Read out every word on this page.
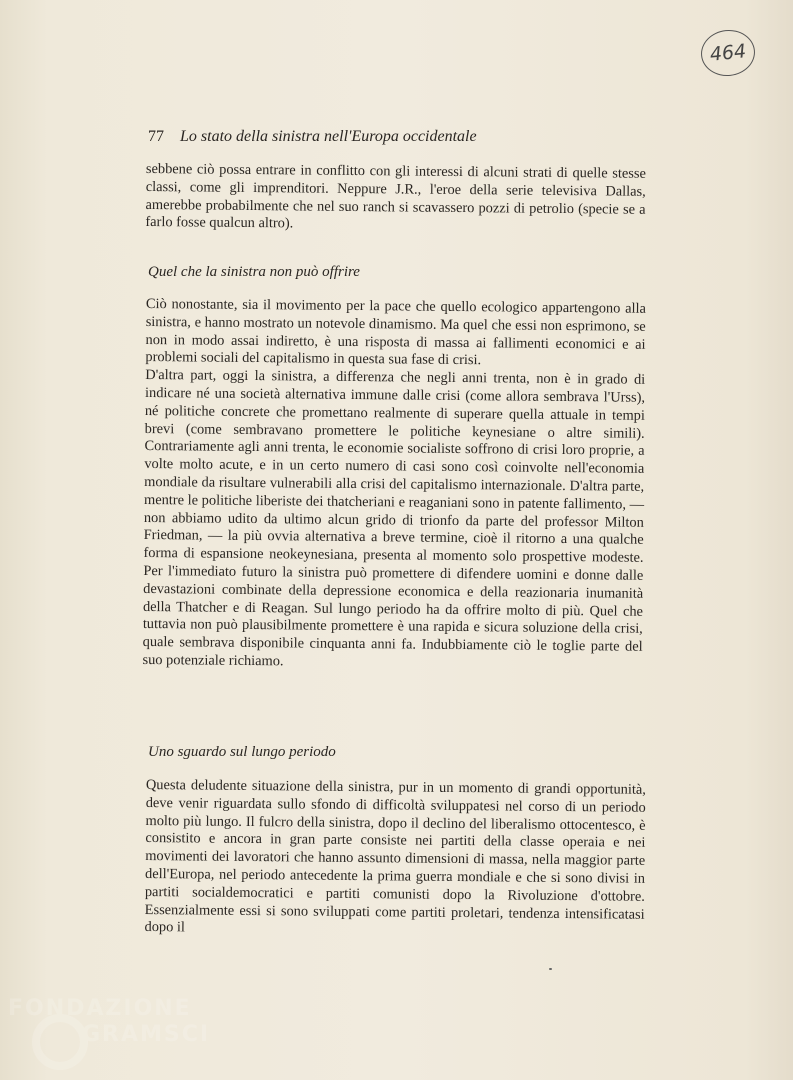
464
77 Lo stato della sinistra nell'Europa occidentale

sebbene ciò possa entrare in conflitto con gli interessi di alcuni strati di quelle stesse classi, come gli imprenditori. Neppure J.R., l'eroe della serie televisiva Dallas, amerebbe probabilmente che nel suo ranch si scavassero pozzi di petrolio (specie se a farlo fosse qualcun altro).

Quel che la sinistra non può offrire

Ciò nonostante, sia il movimento per la pace che quello ecologico appartengono alla sinistra, e hanno mostrato un notevole dinamismo. Ma quel che essi non esprimono, se non in modo assai indiretto, è una risposta di massa ai fallimenti economici e ai problemi sociali del capitalismo in questa sua fase di crisi.

D'altra part, oggi la sinistra, a differenza che negli anni trenta, non è in grado di indicare né una società alternativa immune dalle crisi (come allora sembrava l'Urss), né politiche concrete che promettano realmente di superare quella attuale in tempi brevi (come sembravano promettere le politiche keynesiane o altre simili). Contrariamente agli anni trenta, le economie socialiste soffrono di crisi loro proprie, a volte molto acute, e in un certo numero di casi sono così coinvolte nell'economia mondiale da risultare vulnerabili alla crisi del capitalismo internazionale. D'altra parte, mentre le politiche liberiste dei thatcheriani e reaganiani sono in patente fallimento, — non abbiamo udito da ultimo alcun grido di trionfo da parte del professor Milton Friedman, — la più ovvia alternativa a breve termine, cioè il ritorno a una qualche forma di espansione neokeynesiana, presenta al momento solo prospettive modeste. Per l'immediato futuro la sinistra può promettere di difendere uomini e donne dalle devastazioni combinate della depressione economica e della reazionaria inumanità della Thatcher e di Reagan. Sul lungo periodo ha da offrire molto di più. Quel che tuttavia non può plausibilmente promettere è una rapida e sicura soluzione della crisi, quale sembrava disponibile cinquanta anni fa. Indubbiamente ciò le toglie parte del suo potenziale richiamo.

Uno sguardo sul lungo periodo

Questa deludente situazione della sinistra, pur in un momento di grandi opportunità, deve venir riguardata sullo sfondo di difficoltà sviluppatesi nel corso di un periodo molto più lungo. Il fulcro della sinistra, dopo il declino del liberalismo ottocentesco, è consistito e ancora in gran parte consiste nei partiti della classe operaia e nei movimenti dei lavoratori che hanno assunto dimensioni di massa, nella maggior parte dell'Europa, nel periodo antecedente la prima guerra mondiale e che si sono divisi in partiti socialdemocratici e partiti comunisti dopo la Rivoluzione d'ottobre. Essenzialmente essi si sono sviluppati come partiti proletari, tendenza intensificatasi dopo il

FONDAZIONE
GRAMSCI
